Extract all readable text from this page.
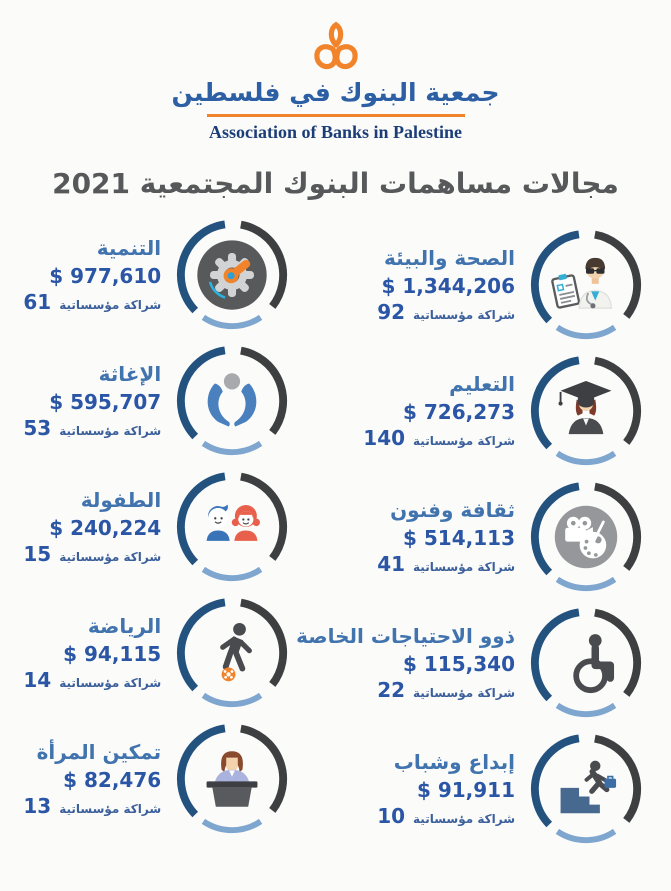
جمعية البنوك في فلسطين
Association of Banks in Palestine
مجالات مساهمات البنوك المجتمعية 2021
الصحة والبيئة
$ 1,344,206
92 شراكة مؤسساتية
التنمية
$ 977,610
61 شراكة مؤسساتية
التعليم
$ 726,273
140 شراكة مؤسساتية
الإغاثة
$ 595,707
53 شراكة مؤسساتية
ثقافة وفنون
$ 514,113
41 شراكة مؤسساتية
الطفولة
$ 240,224
15 شراكة مؤسساتية
ذوو الاحتياجات الخاصة
$ 115,340
22 شراكة مؤسساتية
الرياضة
$ 94,115
14 شراكة مؤسساتية
إبداع وشباب
$ 91,911
10 شراكة مؤسساتية
تمكين المرأة
$ 82,476
13 شراكة مؤسساتية
